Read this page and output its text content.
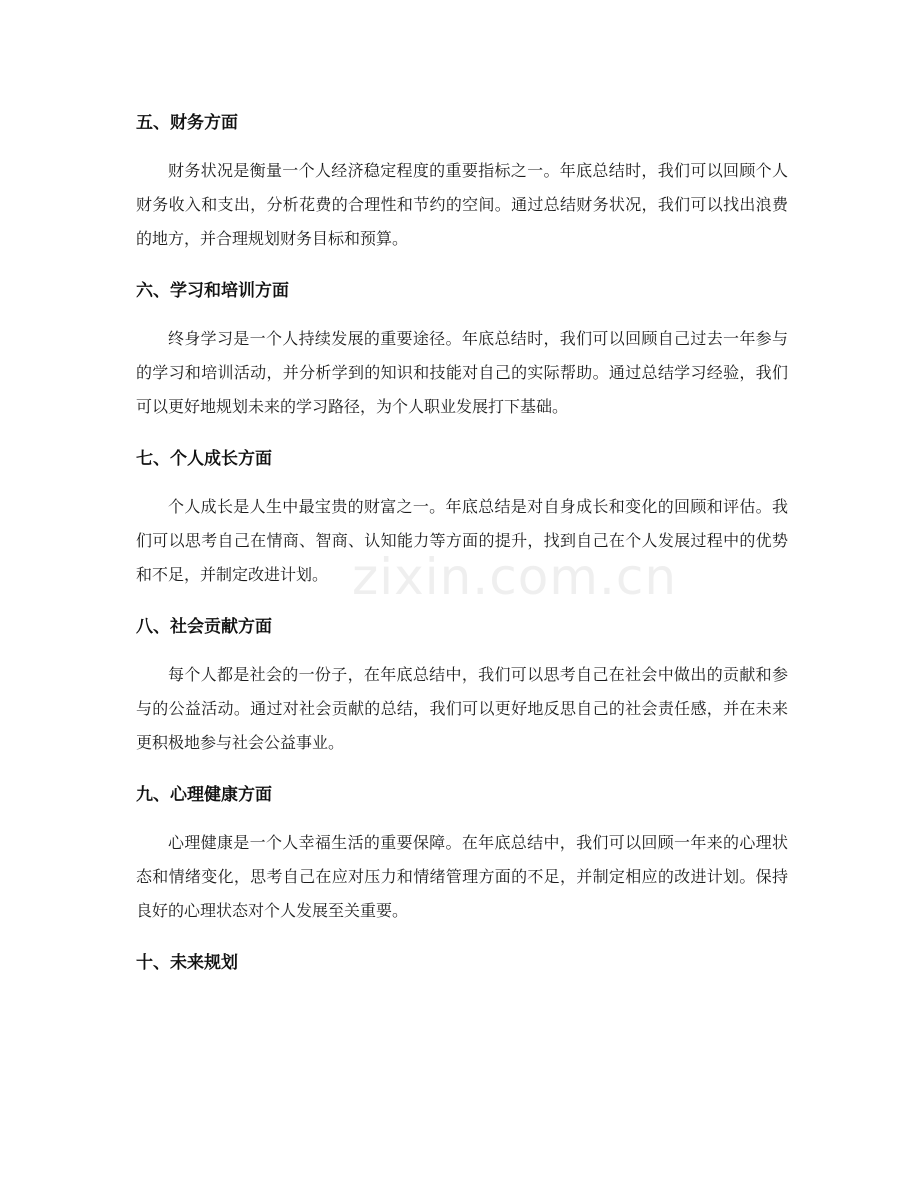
五、财务方面

财务状况是衡量一个人经济稳定程度的重要指标之一。年底总结时，我们可以回顾个人财务收入和支出，分析花费的合理性和节约的空间。通过总结财务状况，我们可以找出浪费的地方，并合理规划财务目标和预算。

六、学习和培训方面

终身学习是一个人持续发展的重要途径。年底总结时，我们可以回顾自己过去一年参与的学习和培训活动，并分析学到的知识和技能对自己的实际帮助。通过总结学习经验，我们可以更好地规划未来的学习路径，为个人职业发展打下基础。

七、个人成长方面

个人成长是人生中最宝贵的财富之一。年底总结是对自身成长和变化的回顾和评估。我们可以思考自己在情商、智商、认知能力等方面的提升，找到自己在个人发展过程中的优势和不足，并制定改进计划。

八、社会贡献方面

每个人都是社会的一份子，在年底总结中，我们可以思考自己在社会中做出的贡献和参与的公益活动。通过对社会贡献的总结，我们可以更好地反思自己的社会责任感，并在未来更积极地参与社会公益事业。

九、心理健康方面

心理健康是一个人幸福生活的重要保障。在年底总结中，我们可以回顾一年来的心理状态和情绪变化，思考自己在应对压力和情绪管理方面的不足，并制定相应的改进计划。保持良好的心理状态对个人发展至关重要。

十、未来规划
zixin.com.cn
